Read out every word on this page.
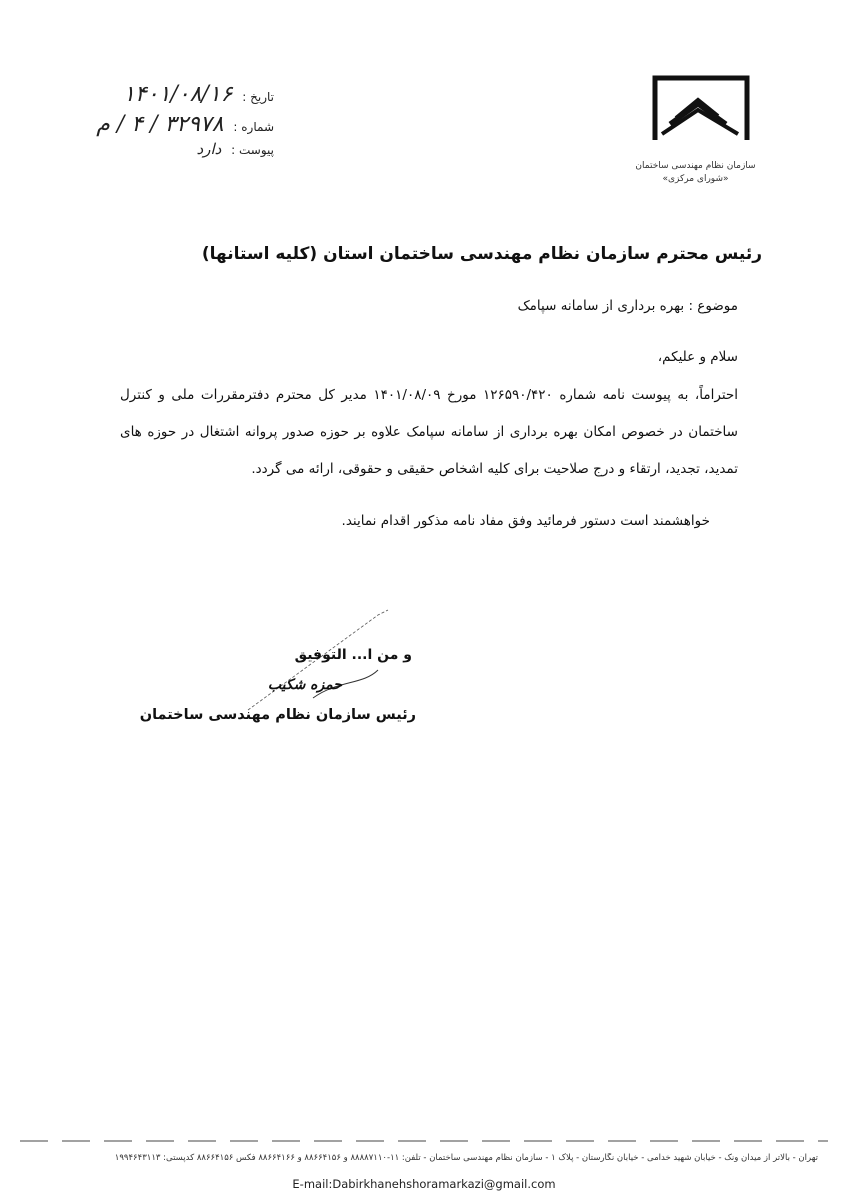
سازمان نظام مهندسی ساختمان
«شورای مرکزی»
تاریخ : ۱۴۰۱/۰۸/۱۶
شماره : ۳۲۹۷۸ / ۴ / م
پیوست : دارد
رئیس محترم سازمان نظام مهندسی ساختمان استان (کلیه استانها)
موضوع : بهره برداری از سامانه سپامک
سلام و علیکم،
احتراماً، به پیوست نامه شماره ۱۲۶۵۹۰/۴۲۰ مورخ ۱۴۰۱/۰۸/۰۹ مدیر کل محترم دفترمقررات ملی و کنترل ساختمان در خصوص امکان بهره برداری از سامانه سپامک علاوه بر حوزه صدور پروانه اشتغال در حوزه های تمدید، تجدید، ارتقاء و درج صلاحیت برای کلیه اشخاص حقیقی و حقوقی، ارائه می گردد.
خواهشمند است دستور فرمائید وفق مفاد نامه مذکور اقدام نمایند.
و من ا... التوفیق
حمزه شکیب
رئیس سازمان نظام مهندسی ساختمان
تهران - بالاتر از میدان ونک - خیابان شهید خدامی - خیابان نگارستان - پلاک ۱ - سازمان نظام مهندسی ساختمان - تلفن: ۱۱-۸۸۸۸۷۱۱۰ و ۸۸۶۶۴۱۵۶ و ۸۸۶۶۴۱۶۶ فکس ۸۸۶۶۴۱۵۶ کدپستی: ۱۹۹۴۶۴۳۱۱۳
E-mail:Dabirkhanehshoramarkazi@gmail.com
